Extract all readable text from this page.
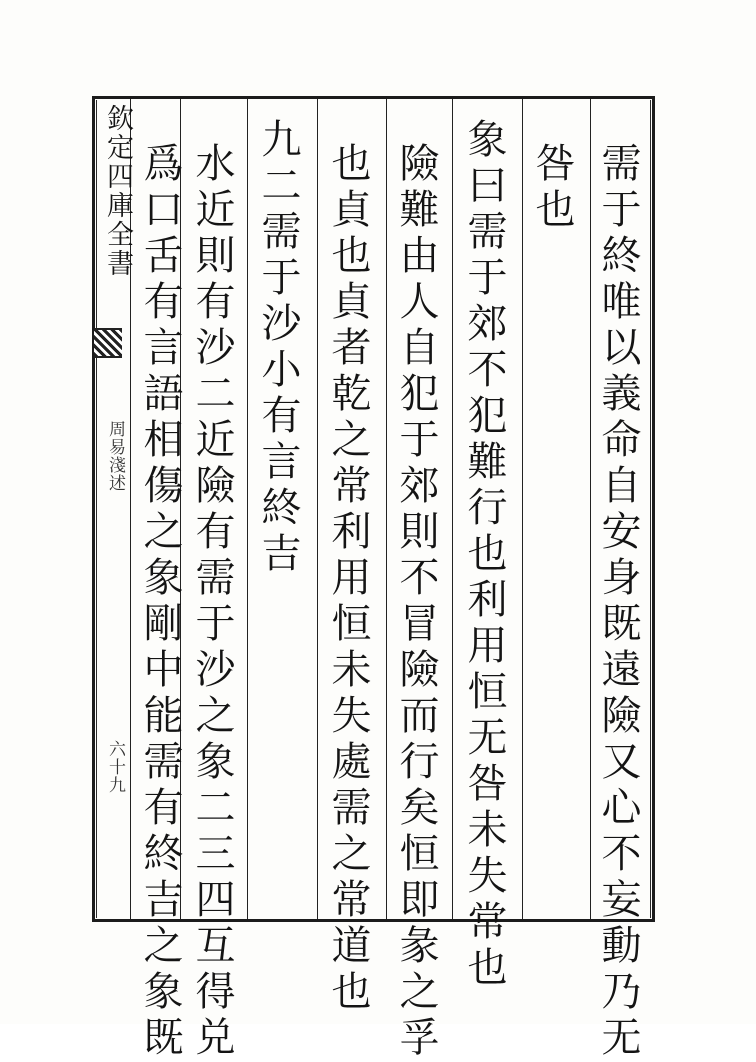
欽定四庫全書
周易淺述
六十九	需于終唯以義命自安身既遠險又心不妄動乃无
咎也
象曰需于郊不犯難行也利用恒无咎未失常也
險難由人自犯于郊則不冒險而行矣恒即彖之孚
也貞也貞者乾之常利用恒未失處需之常道也
九二需于沙小有言終吉
水近則有沙二近險有需于沙之象二三四互得兑
爲口舌有言語相傷之象剛中能需有終吉之象既
